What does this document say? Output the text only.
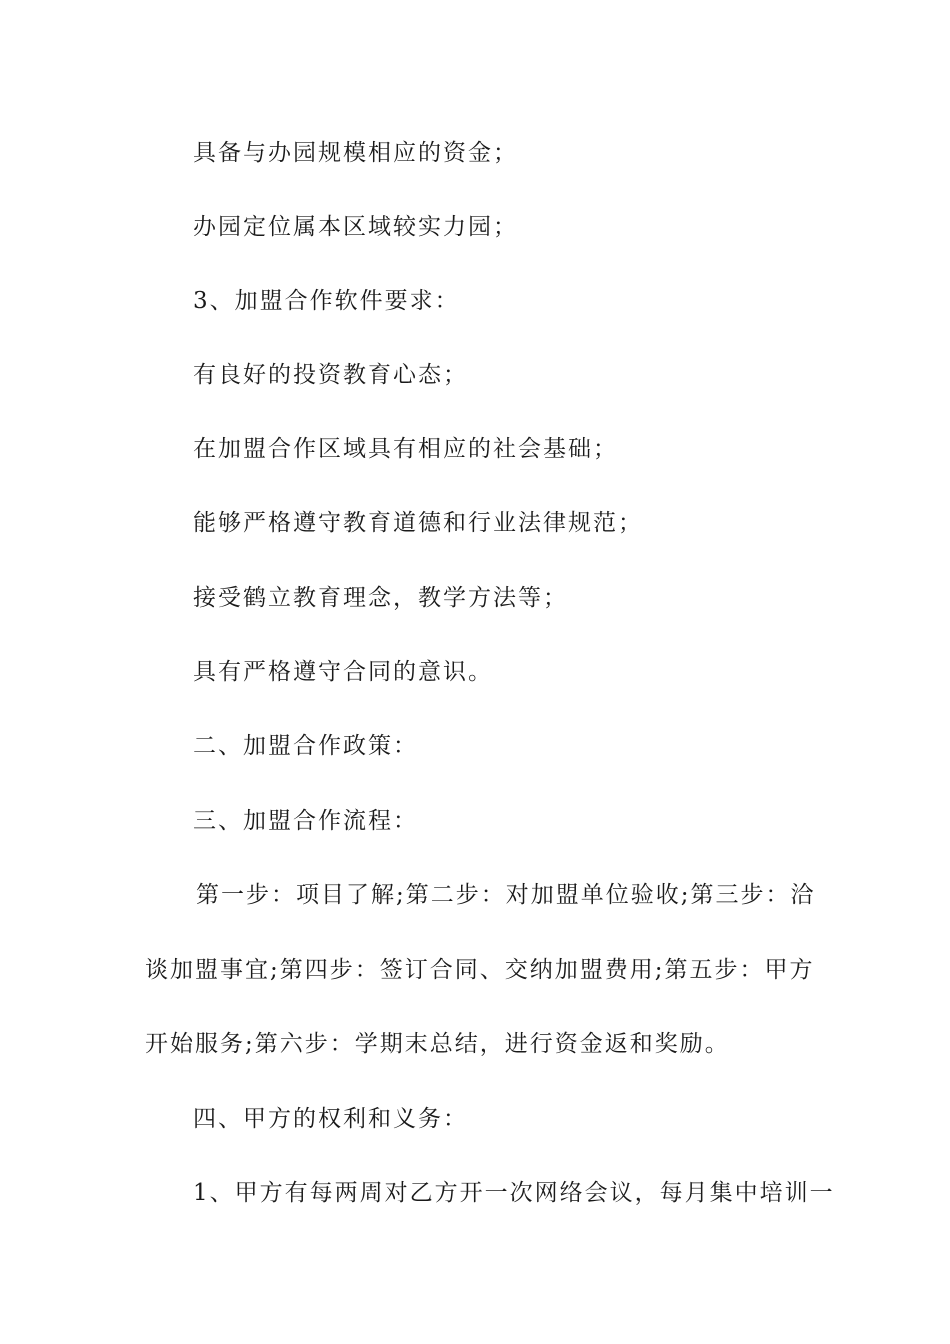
具备与办园规模相应的资金；
办园定位属本区域较实力园；
3、加盟合作软件要求：
有良好的投资教育心态；
在加盟合作区域具有相应的社会基础；
能够严格遵守教育道德和行业法律规范；
接受鹤立教育理念，教学方法等；
具有严格遵守合同的意识。
二、加盟合作政策：
三、加盟合作流程：
第一步：项目了解;第二步：对加盟单位验收;第三步：洽
谈加盟事宜;第四步：签订合同、交纳加盟费用;第五步：甲方
开始服务;第六步：学期末总结，进行资金返和奖励。
四、甲方的权利和义务：
1、甲方有每两周对乙方开一次网络会议，每月集中培训一
